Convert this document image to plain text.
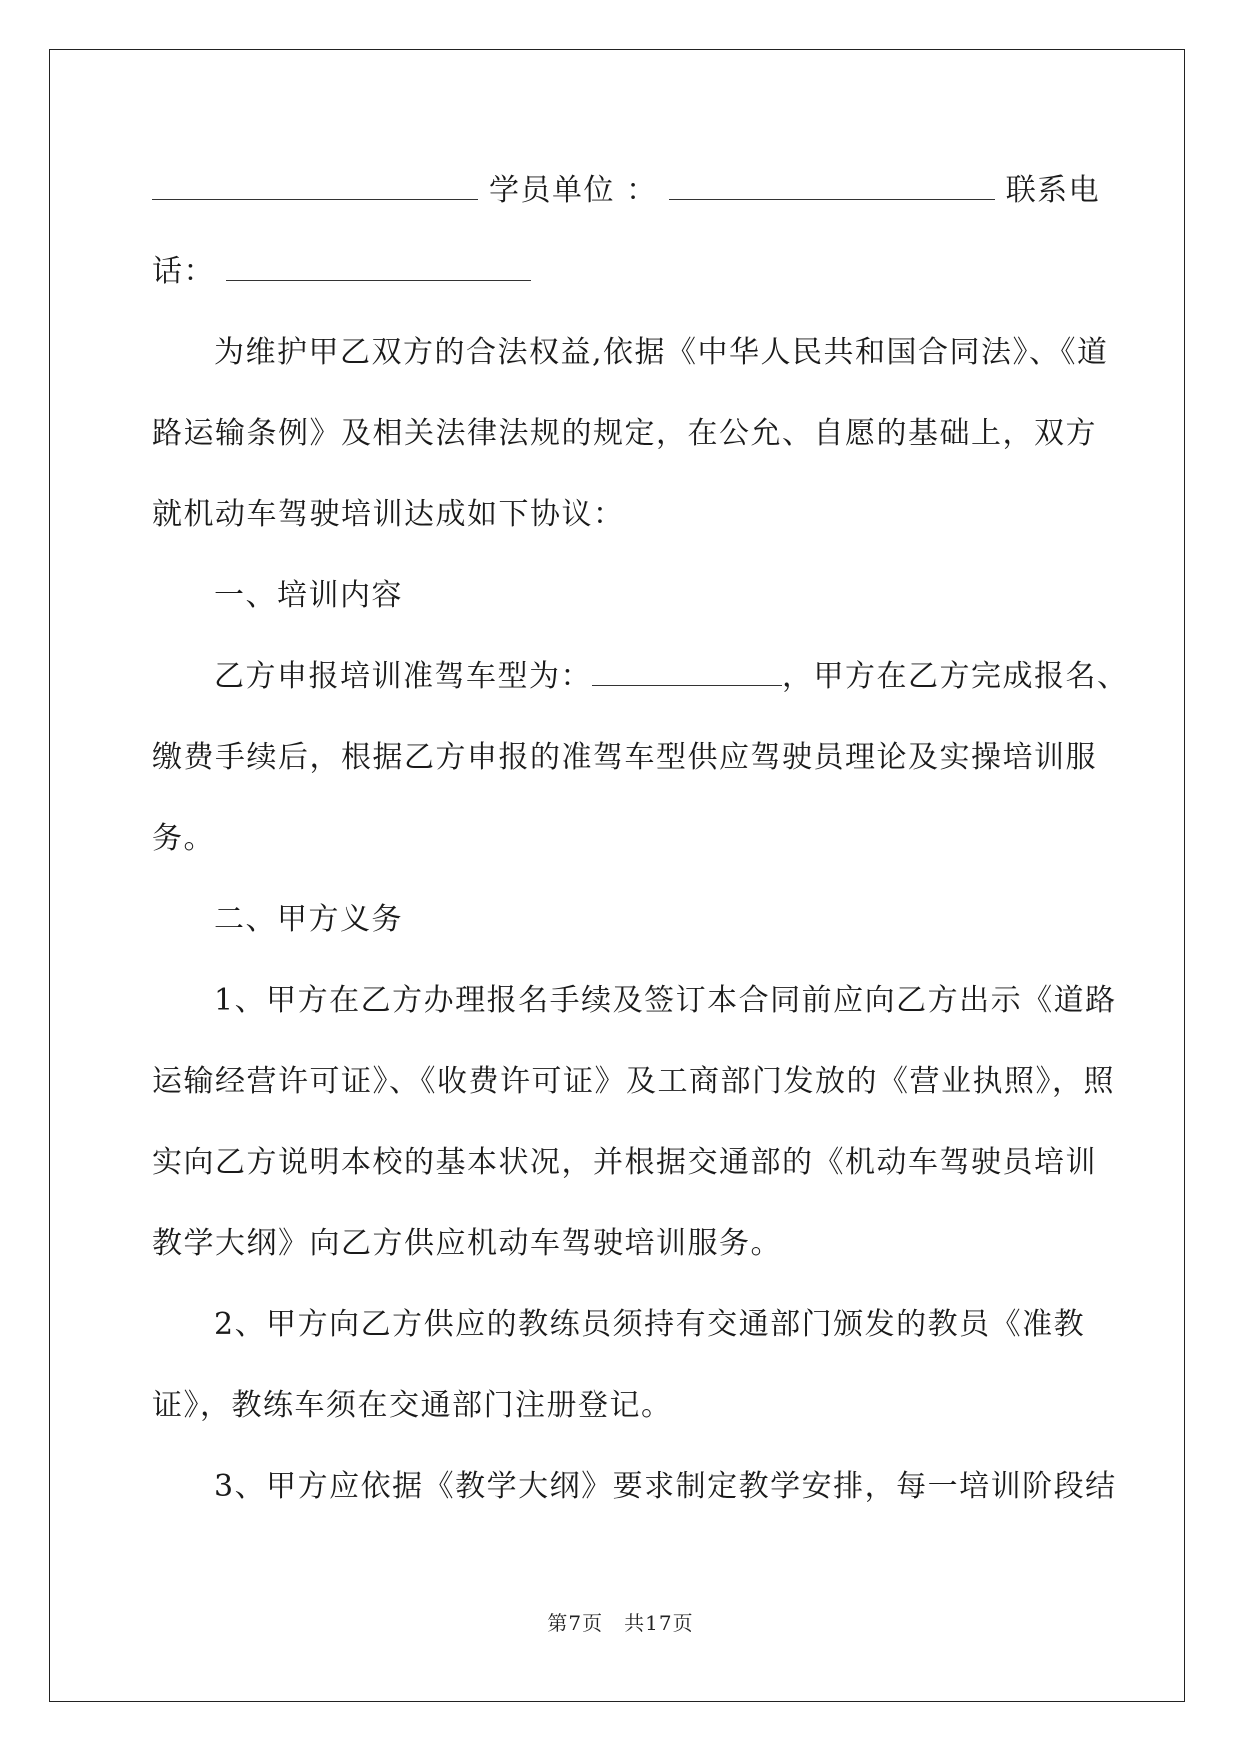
学员单位 ：	联系电
话：
为维护甲乙双方的合法权益,依据《中华人民共和国合同法》、《道
路运输条例》及相关法律法规的规定，在公允、自愿的基础上，双方
就机动车驾驶培训达成如下协议：
一、培训内容
乙方申报培训准驾车型为：	，甲方在乙方完成报名、
缴费手续后，根据乙方申报的准驾车型供应驾驶员理论及实操培训服
务。
二、甲方义务
1、甲方在乙方办理报名手续及签订本合同前应向乙方出示《道路
运输经营许可证》、《收费许可证》及工商部门发放的《营业执照》，照
实向乙方说明本校的基本状况，并根据交通部的《机动车驾驶员培训
教学大纲》向乙方供应机动车驾驶培训服务。
2、甲方向乙方供应的教练员须持有交通部门颁发的教员《准教
证》，教练车须在交通部门注册登记。
3、甲方应依据《教学大纲》要求制定教学安排，每一培训阶段结
第7页　共17页
